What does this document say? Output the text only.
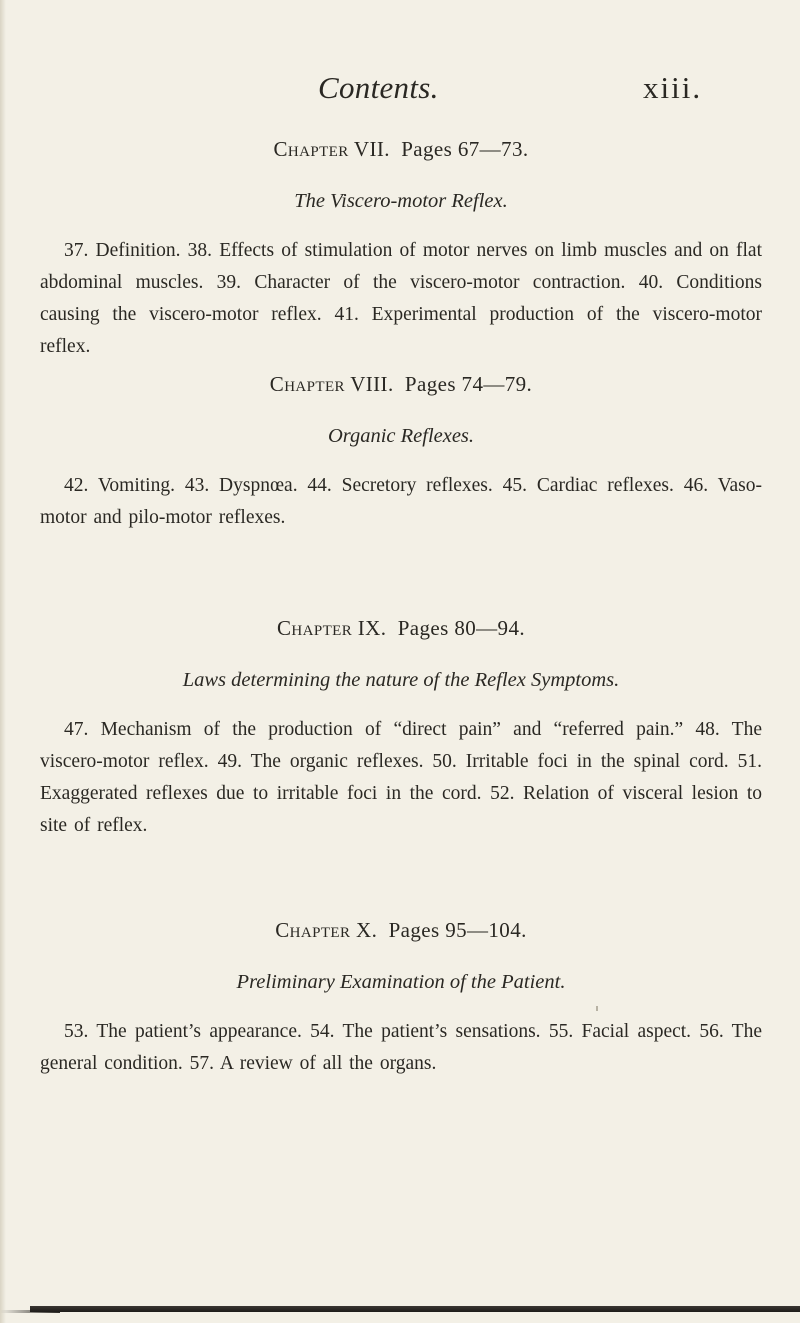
Contents.	xiii.

Chapter VII. Pages 67—73.

The Viscero-motor Reflex.

37. Definition. 38. Effects of stimulation of motor nerves on limb muscles and on flat abdominal muscles. 39. Character of the viscero-motor contraction. 40. Conditions causing the viscero-motor reflex. 41. Experimental production of the viscero-motor reflex.

Chapter VIII. Pages 74—79.

Organic Reflexes.

42. Vomiting. 43. Dyspnœa. 44. Secretory reflexes. 45. Cardiac reflexes. 46. Vaso-motor and pilo-motor reflexes.

Chapter IX. Pages 80—94.

Laws determining the nature of the Reflex Symptoms.

47. Mechanism of the production of “direct pain” and “referred pain.” 48. The viscero-motor reflex. 49. The organic reflexes. 50. Irritable foci in the spinal cord. 51. Exaggerated reflexes due to irritable foci in the cord. 52. Relation of visceral lesion to site of reflex.

Chapter X. Pages 95—104.

Preliminary Examination of the Patient.

53. The patient’s appearance. 54. The patient’s sensations. 55. Facial aspect. 56. The general condition. 57. A review of all the organs.
